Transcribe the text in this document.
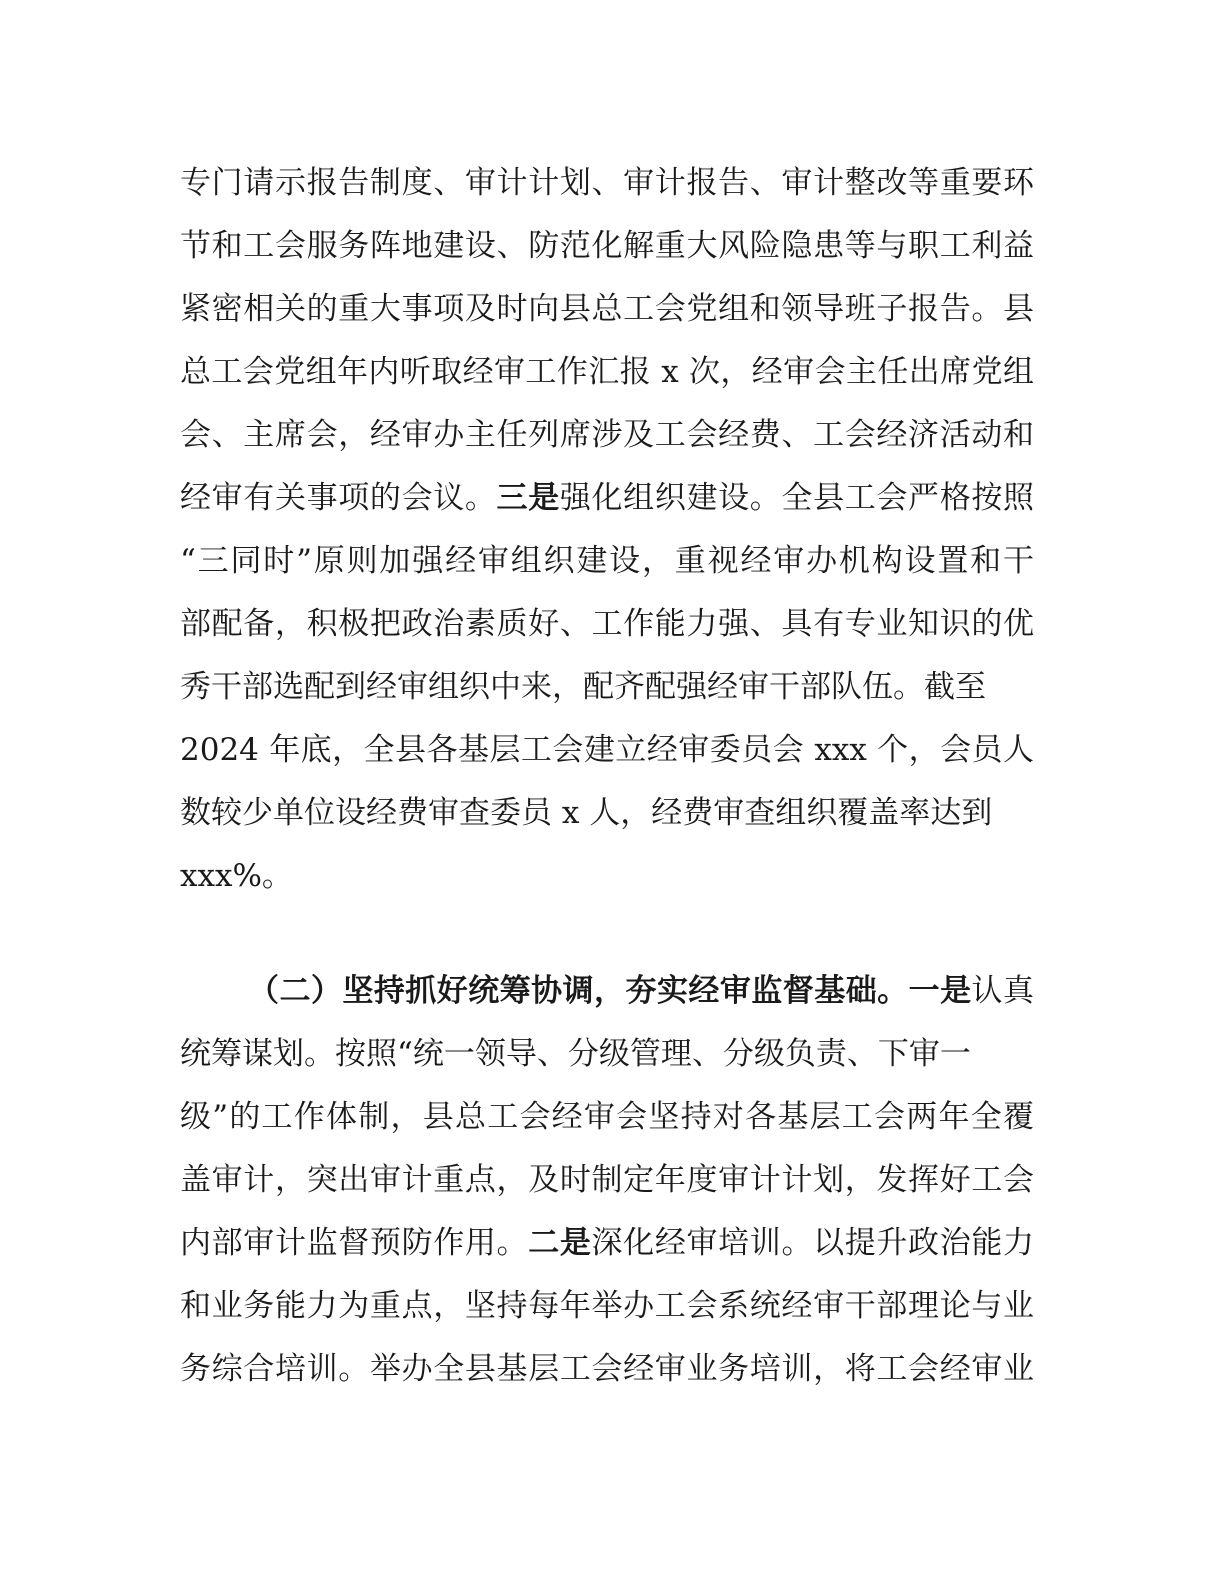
专门请示报告制度、审计计划、审计报告、审计整改等重要环
节和工会服务阵地建设、防范化解重大风险隐患等与职工利益
紧密相关的重大事项及时向县总工会党组和领导班子报告。县
总工会党组年内听取经审工作汇报 x 次，经审会主任出席党组
会、主席会，经审办主任列席涉及工会经费、工会经济活动和
经审有关事项的会议。三是强化组织建设。全县工会严格按照
“三同时”原则加强经审组织建设，重视经审办机构设置和干
部配备，积极把政治素质好、工作能力强、具有专业知识的优
秀干部选配到经审组织中来，配齐配强经审干部队伍。截至
2024 年底，全县各基层工会建立经审委员会 xxx 个，会员人
数较少单位设经费审查委员 x 人，经费审查组织覆盖率达到
xxx%。
（二）坚持抓好统筹协调，夯实经审监督基础。一是认真
统筹谋划。按照“统一领导、分级管理、分级负责、下审一
级”的工作体制，县总工会经审会坚持对各基层工会两年全覆
盖审计，突出审计重点，及时制定年度审计计划，发挥好工会
内部审计监督预防作用。二是深化经审培训。以提升政治能力
和业务能力为重点，坚持每年举办工会系统经审干部理论与业
务综合培训。举办全县基层工会经审业务培训，将工会经审业
